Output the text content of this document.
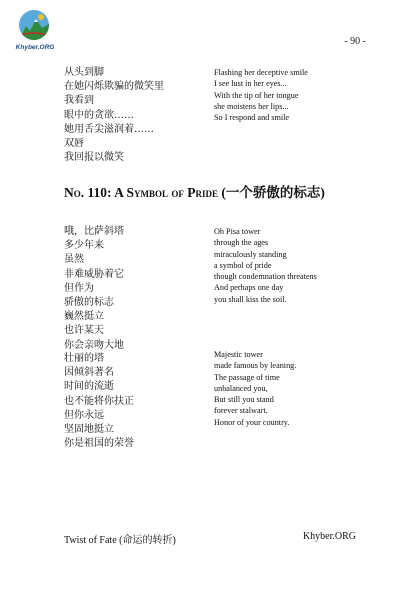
Khyber.ORG
- 90 -
从头到脚
在她闪烁欺骗的微笑里
我看到
眼中的贪欲……
她用舌尖滋润着……
双唇
我回报以微笑
Flashing her deceptive smile
I see lust in her eyes...
With the tip of her tongue
she moistens her lips...
So I respond and smile
No. 110: A Symbol of Pride (一个骄傲的标志)
哦，比萨斜塔
多少年来
虽然
非难威胁着它
但作为
骄傲的标志
巍然挺立
也许某天
你会亲吻大地
Oh Pisa tower
through the ages
miraculously standing
a symbol of pride
though condemnation threatens
And perhaps one day
you shall kiss the soil.
壮丽的塔
因倾斜著名
时间的流逝
也不能将你扶正
但你永远
坚固地挺立
你是祖国的荣誉
Majestic tower
made famous by leaning.
The passage of time
unbalanced you,
But still you stand
forever stalwart.
Honor of your country.
Twist of Fate (命运的转折)	Khyber.ORG
